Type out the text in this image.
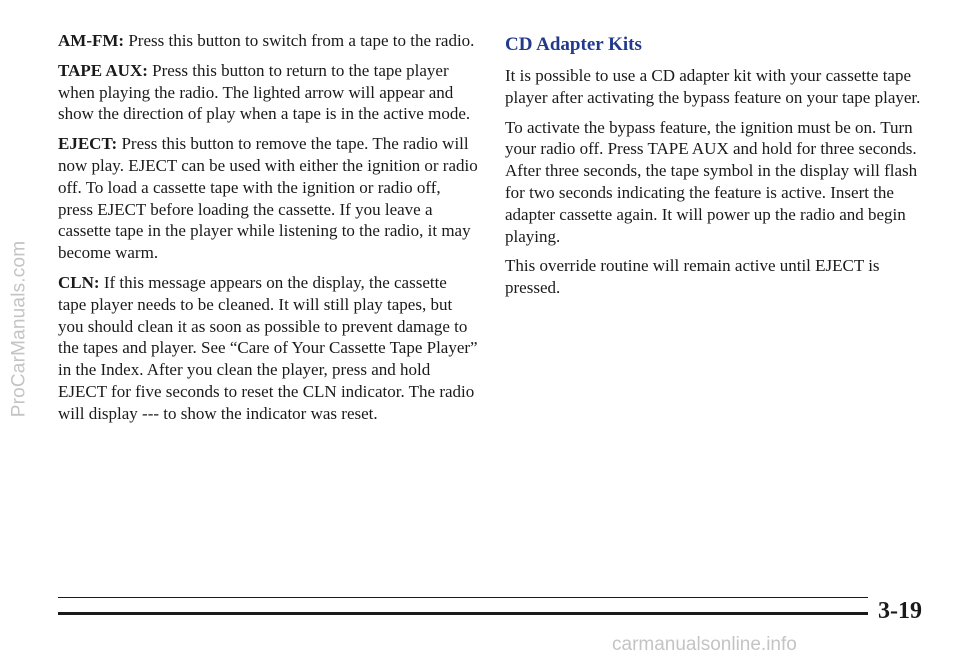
ProCarManuals.com

AM-FM: Press this button to switch from a tape to the radio.

TAPE AUX: Press this button to return to the tape player when playing the radio. The lighted arrow will appear and show the direction of play when a tape is in the active mode.

EJECT: Press this button to remove the tape. The radio will now play. EJECT can be used with either the ignition or radio off. To load a cassette tape with the ignition or radio off, press EJECT before loading the cassette. If you leave a cassette tape in the player while listening to the radio, it may become warm.

CLN: If this message appears on the display, the cassette tape player needs to be cleaned. It will still play tapes, but you should clean it as soon as possible to prevent damage to the tapes and player. See “Care of Your Cassette Tape Player” in the Index. After you clean the player, press and hold EJECT for five seconds to reset the CLN indicator. The radio will display --- to show the indicator was reset.

CD Adapter Kits

It is possible to use a CD adapter kit with your cassette tape player after activating the bypass feature on your tape player.

To activate the bypass feature, the ignition must be on. Turn your radio off. Press TAPE AUX and hold for three seconds. After three seconds, the tape symbol in the display will flash for two seconds indicating the feature is active. Insert the adapter cassette again. It will power up the radio and begin playing.

This override routine will remain active until EJECT is pressed.

3-19
carmanualsonline.info
